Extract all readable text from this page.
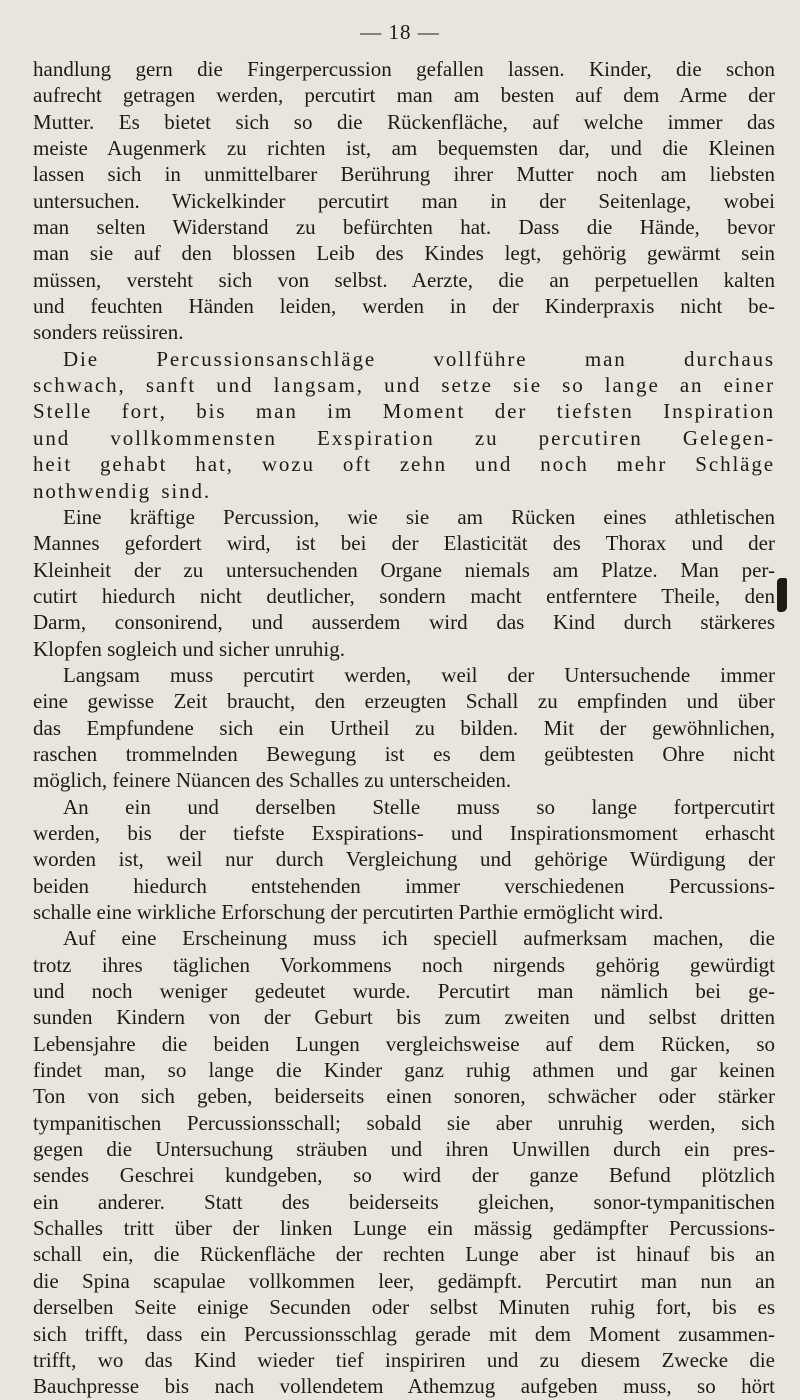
— 18 —
handlung gern die Fingerpercussion gefallen lassen. Kinder, die schon
aufrecht getragen werden, percutirt man am besten auf dem Arme der
Mutter. Es bietet sich so die Rückenfläche, auf welche immer das
meiste Augenmerk zu richten ist, am bequemsten dar, und die Kleinen
lassen sich in unmittelbarer Berührung ihrer Mutter noch am liebsten
untersuchen. Wickelkinder percutirt man in der Seitenlage, wobei
man selten Widerstand zu befürchten hat. Dass die Hände, bevor
man sie auf den blossen Leib des Kindes legt, gehörig gewärmt sein
müssen, versteht sich von selbst. Aerzte, die an perpetuellen kalten
und feuchten Händen leiden, werden in der Kinderpraxis nicht be-
sonders reüssiren.
Die Percussionsanschläge vollführe man durchaus
schwach, sanft und langsam, und setze sie so lange an einer
Stelle fort, bis man im Moment der tiefsten Inspiration
und vollkommensten Exspiration zu percutiren Gelegen-
heit gehabt hat, wozu oft zehn und noch mehr Schläge
nothwendig sind.
Eine kräftige Percussion, wie sie am Rücken eines athletischen
Mannes gefordert wird, ist bei der Elasticität des Thorax und der
Kleinheit der zu untersuchenden Organe niemals am Platze. Man per-
cutirt hiedurch nicht deutlicher, sondern macht entferntere Theile, den
Darm, consonirend, und ausserdem wird das Kind durch stärkeres
Klopfen sogleich und sicher unruhig.
Langsam muss percutirt werden, weil der Untersuchende immer
eine gewisse Zeit braucht, den erzeugten Schall zu empfinden und über
das Empfundene sich ein Urtheil zu bilden. Mit der gewöhnlichen,
raschen trommelnden Bewegung ist es dem geübtesten Ohre nicht
möglich, feinere Nüancen des Schalles zu unterscheiden.
An ein und derselben Stelle muss so lange fortpercutirt
werden, bis der tiefste Exspirations- und Inspirationsmoment erhascht
worden ist, weil nur durch Vergleichung und gehörige Würdigung der
beiden hiedurch entstehenden immer verschiedenen Percussions-
schalle eine wirkliche Erforschung der percutirten Parthie ermöglicht wird.
Auf eine Erscheinung muss ich speciell aufmerksam machen, die
trotz ihres täglichen Vorkommens noch nirgends gehörig gewürdigt
und noch weniger gedeutet wurde. Percutirt man nämlich bei ge-
sunden Kindern von der Geburt bis zum zweiten und selbst dritten
Lebensjahre die beiden Lungen vergleichsweise auf dem Rücken, so
findet man, so lange die Kinder ganz ruhig athmen und gar keinen
Ton von sich geben, beiderseits einen sonoren, schwächer oder stärker
tympanitischen Percussionsschall; sobald sie aber unruhig werden, sich
gegen die Untersuchung sträuben und ihren Unwillen durch ein pres-
sendes Geschrei kundgeben, so wird der ganze Befund plötzlich
ein anderer. Statt des beiderseits gleichen, sonor-tympanitischen
Schalles tritt über der linken Lunge ein mässig gedämpfter Percussions-
schall ein, die Rückenfläche der rechten Lunge aber ist hinauf bis an
die Spina scapulae vollkommen leer, gedämpft. Percutirt man nun an
derselben Seite einige Secunden oder selbst Minuten ruhig fort, bis es
sich trifft, dass ein Percussionsschlag gerade mit dem Moment zusammen-
trifft, wo das Kind wieder tief inspiriren und zu diesem Zwecke die
Bauchpresse bis nach vollendetem Athemzug aufgeben muss, so hört
